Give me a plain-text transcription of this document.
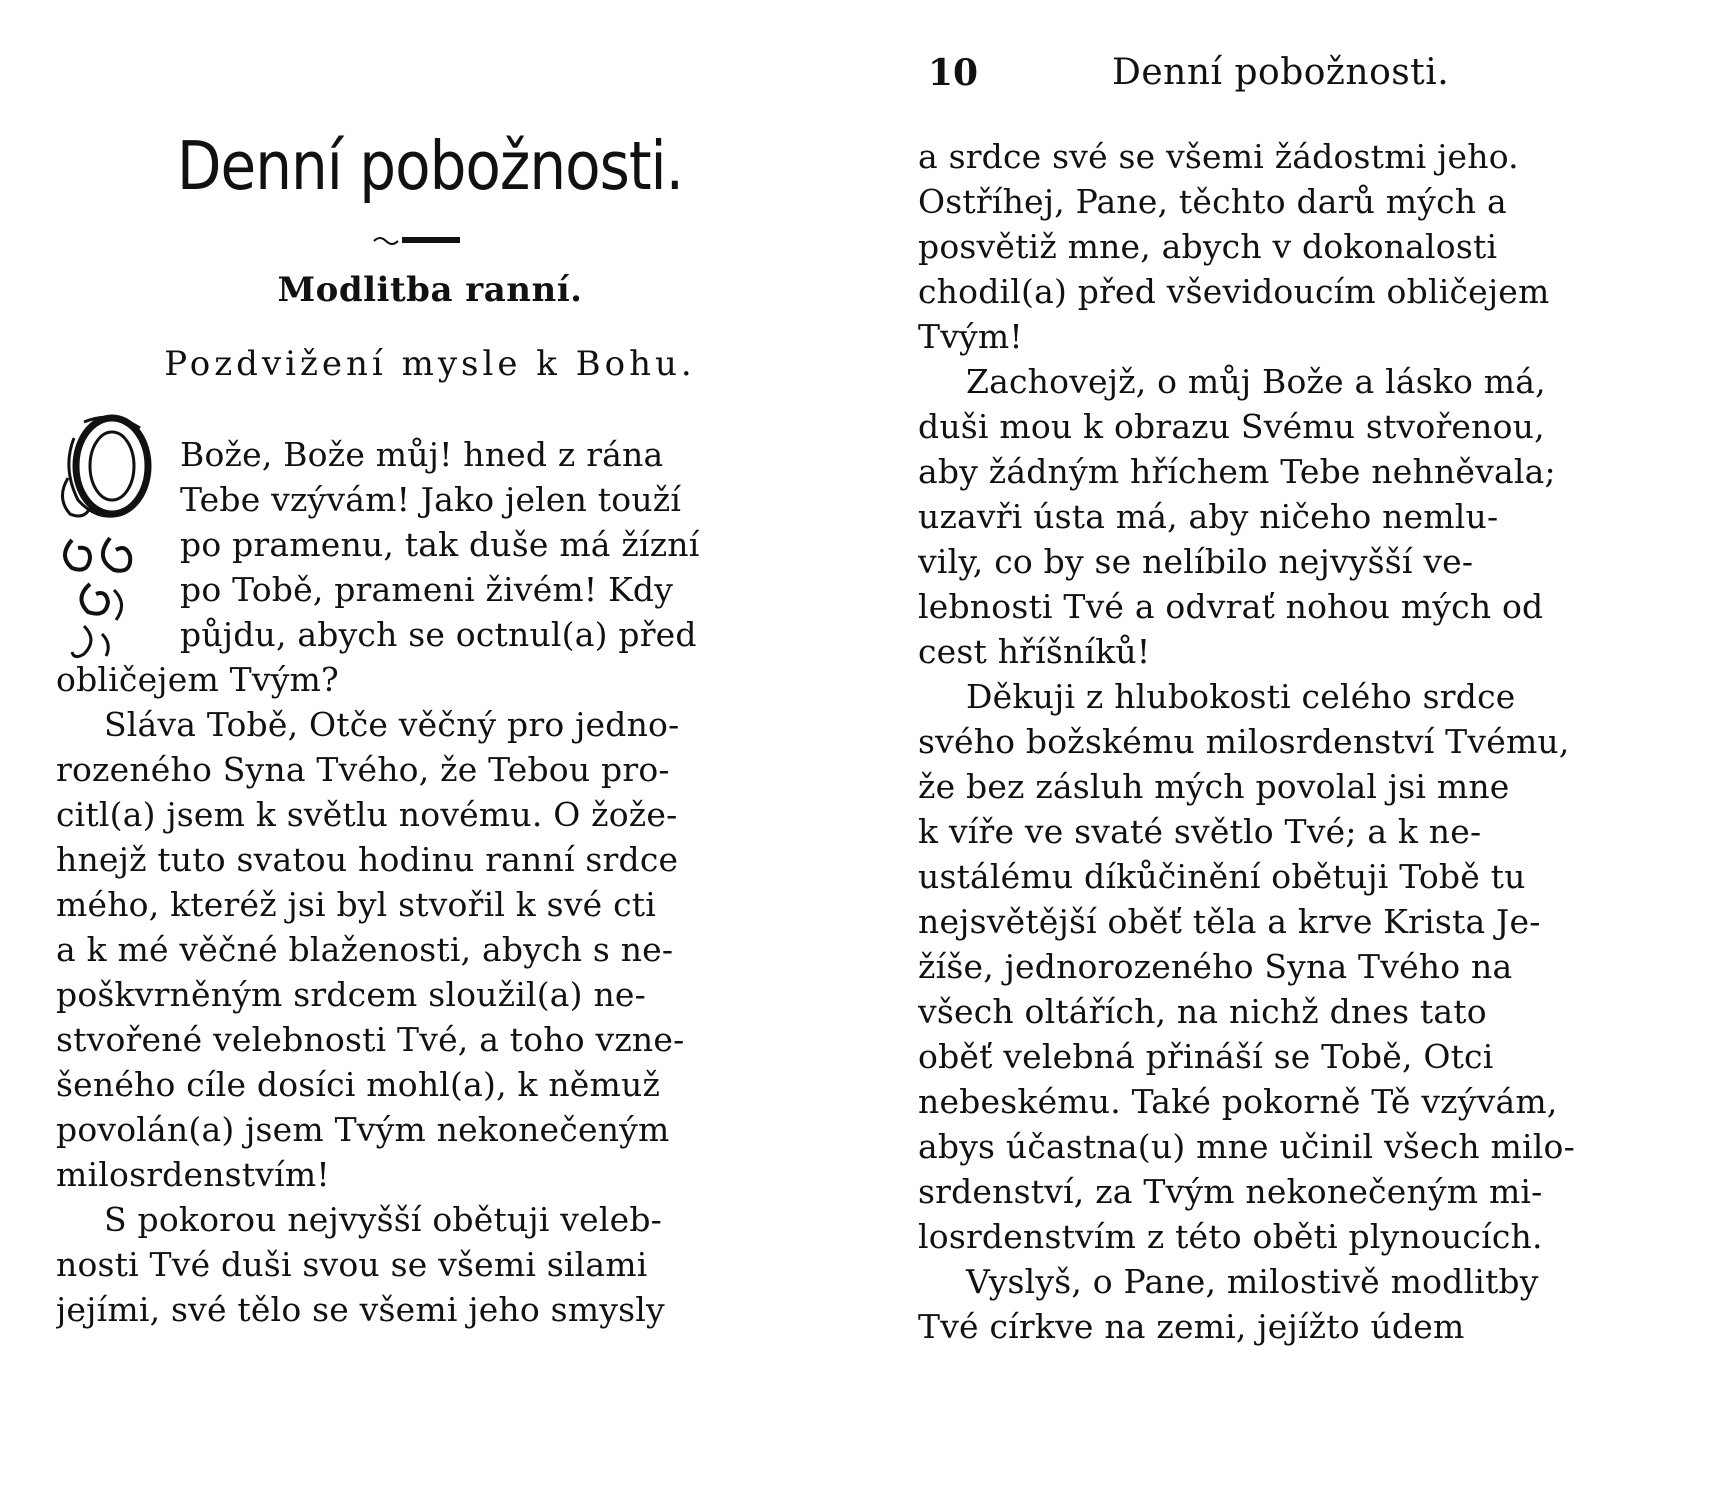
Denní pobožnosti.
Modlitba ranní.
Pozdvižení mysle k Bohu.
Bože, Bože můj! hned z rána
Tebe vzývám! Jako jelen touží
po pramenu, tak duše má žízní
po Tobě, prameni živém! Kdy
půjdu, abych se octnul(a) před
obličejem Tvým?
Sláva Tobě, Otče věčný pro jedno-
rozeného Syna Tvého, že Tebou pro-
citl(a) jsem k světlu novému. O žože-
hnejž tuto svatou hodinu ranní srdce
mého, kteréž jsi byl stvořil k své cti
a k mé věčné blaženosti, abych s ne-
poškvrněným srdcem sloužil(a) ne-
stvořené velebnosti Tvé, a toho vzne-
šeného cíle dosíci mohl(a), k němuž
povolán(a) jsem Tvým nekonečeným
milosrdenstvím!
S pokorou nejvyšší obětuji veleb-
nosti Tvé duši svou se všemi silami
jejími, své tělo se všemi jeho smysly
10	Denní pobožnosti.
a srdce své se všemi žádostmi jeho.
Ostříhej, Pane, těchto darů mých a
posvětiž mne, abych v dokonalosti
chodil(a) před vševidoucím obličejem
Tvým!
Zachovejž, o můj Bože a lásko má,
duši mou k obrazu Svému stvořenou,
aby žádným hříchem Tebe nehněvala;
uzavři ústa má, aby ničeho nemlu-
vily, co by se nelíbilo nejvyšší ve-
lebnosti Tvé a odvrať nohou mých od
cest hříšníků!
Děkuji z hlubokosti celého srdce
svého božskému milosrdenství Tvému,
že bez zásluh mých povolal jsi mne
k víře ve svaté světlo Tvé; a k ne-
ustálému díkůčinění obětuji Tobě tu
nejsvětější oběť těla a krve Krista Je-
žíše, jednorozeného Syna Tvého na
všech oltářích, na nichž dnes tato
oběť velebná přináší se Tobě, Otci
nebeskému. Také pokorně Tě vzývám,
abys účastna(u) mne učinil všech milo-
srdenství, za Tvým nekonečeným mi-
losrdenstvím z této oběti plynoucích.
Vyslyš, o Pane, milostivě modlitby
Tvé církve na zemi, jejížto údem
